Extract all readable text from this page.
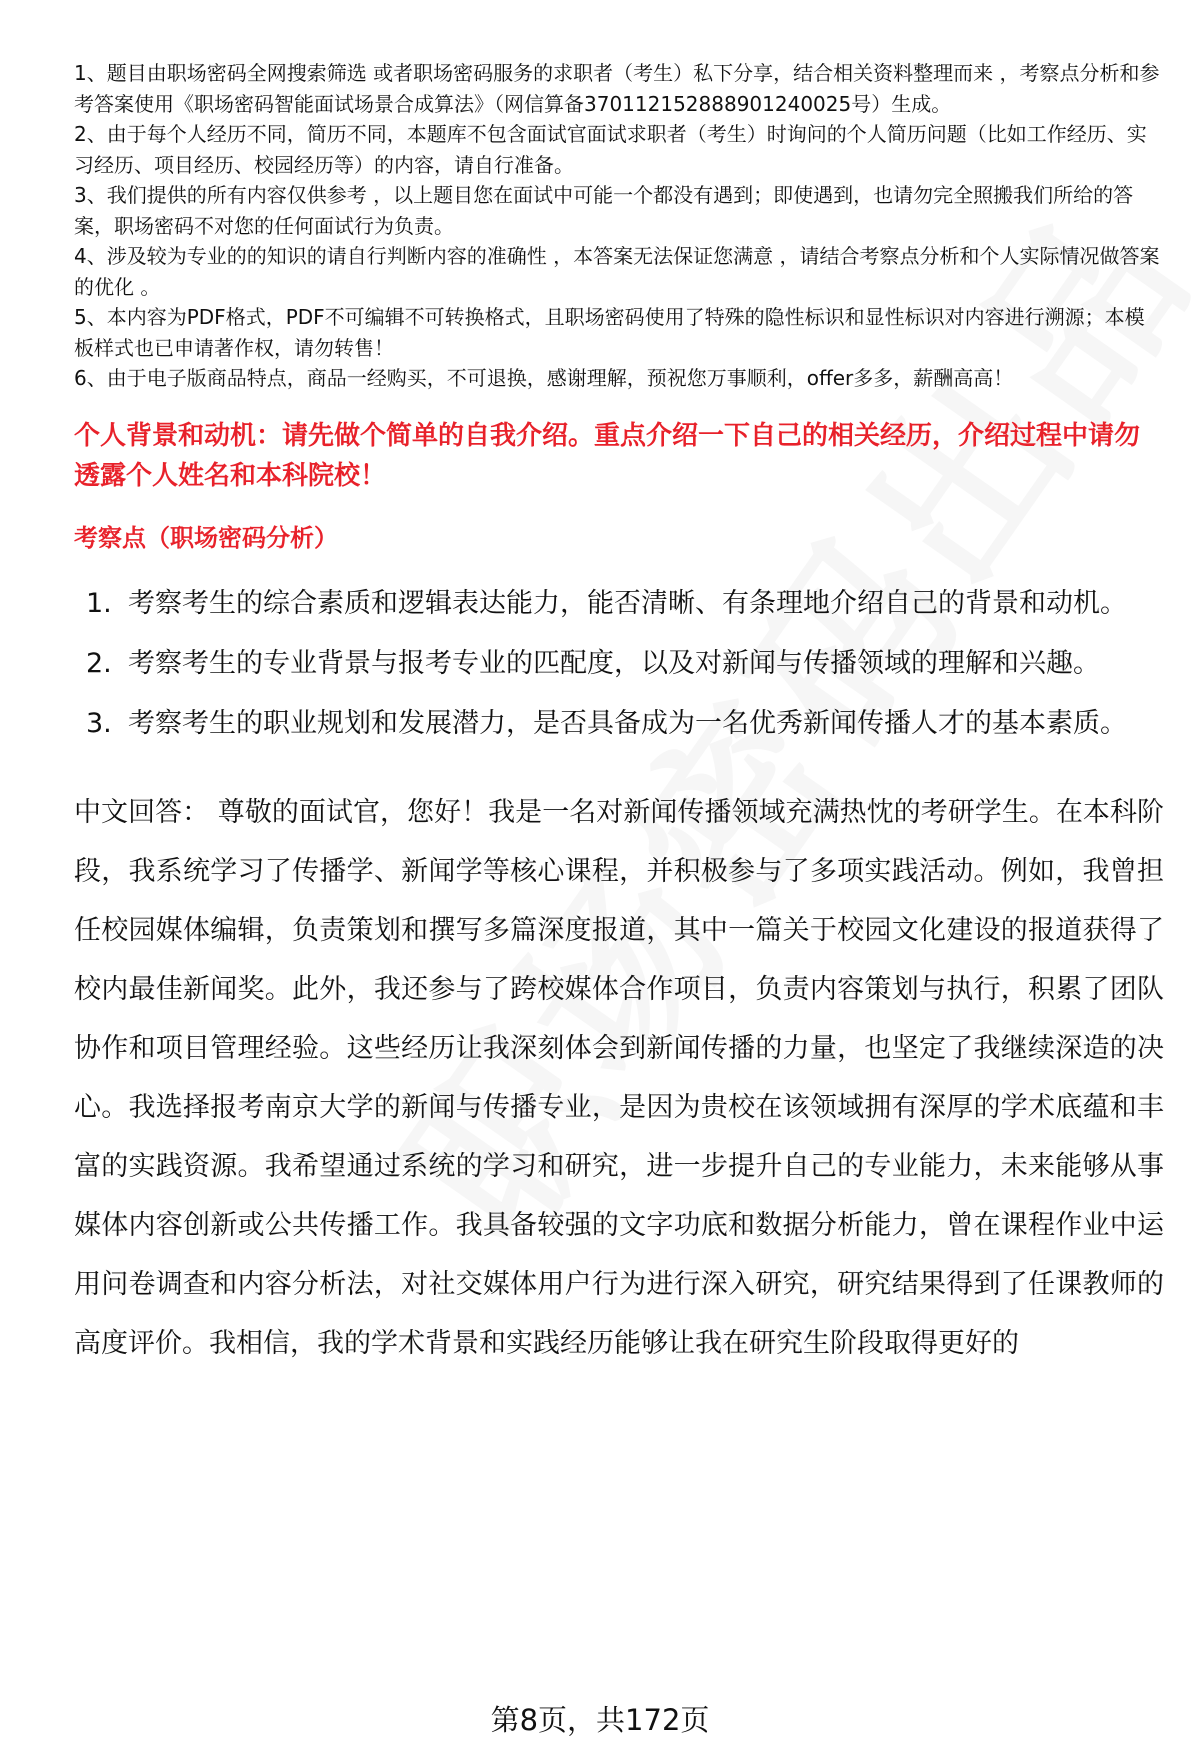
1、题目由职场密码全网搜索筛选 或者职场密码服务的求职者（考生）私下分享，结合相关资料整理而来 ，考察点分析和参考答案使用《职场密码智能面试场景合成算法》（网信算备370112152888901240025号）生成。

2、由于每个人经历不同，简历不同，本题库不包含面试官面试求职者（考生）时询问的个人简历问题（比如工作经历、实习经历、项目经历、校园经历等）的内容，请自行准备。

3、我们提供的所有内容仅供参考 ，以上题目您在面试中可能一个都没有遇到；即使遇到，也请勿完全照搬我们所给的答案，职场密码不对您的任何面试行为负责。

4、涉及较为专业的的知识的请自行判断内容的准确性 ，本答案无法保证您满意 ，请结合考察点分析和个人实际情况做答案的优化 。

5、本内容为PDF格式，PDF不可编辑不可转换格式，且职场密码使用了特殊的隐性标识和显性标识对内容进行溯源；本模板样式也已申请著作权，请勿转售！

6、由于电子版商品特点，商品一经购买，不可退换，感谢理解，预祝您万事顺利，offer多多，薪酬高高！

个人背景和动机：请先做个简单的自我介绍。重点介绍一下自己的相关经历，介绍过程中请勿透露个人姓名和本科院校！
考察点（职场密码分析）
1. 考察考生的综合素质和逻辑表达能力，能否清晰、有条理地介绍自己的背景和动机。
2. 考察考生的专业背景与报考专业的匹配度，以及对新闻与传播领域的理解和兴趣。
3. 考察考生的职业规划和发展潜力，是否具备成为一名优秀新闻传播人才的基本素质。
中文回答： 尊敬的面试官，您好！我是一名对新闻传播领域充满热忱的考研学生。在本科阶段，我系统学习了传播学、新闻学等核心课程，并积极参与了多项实践活动。例如，我曾担任校园媒体编辑，负责策划和撰写多篇深度报道，其中一篇关于校园文化建设的报道获得了校内最佳新闻奖。此外，我还参与了跨校媒体合作项目，负责内容策划与执行，积累了团队协作和项目管理经验。这些经历让我深刻体会到新闻传播的力量，也坚定了我继续深造的决心。我选择报考南京大学的新闻与传播专业，是因为贵校在该领域拥有深厚的学术底蕴和丰富的实践资源。我希望通过系统的学习和研究，进一步提升自己的专业能力，未来能够从事媒体内容创新或公共传播工作。我具备较强的文字功底和数据分析能力，曾在课程作业中运用问卷调查和内容分析法，对社交媒体用户行为进行深入研究，研究结果得到了任课教师的高度评价。我相信，我的学术背景和实践经历能够让我在研究生阶段取得更好的
第8页，共172页
